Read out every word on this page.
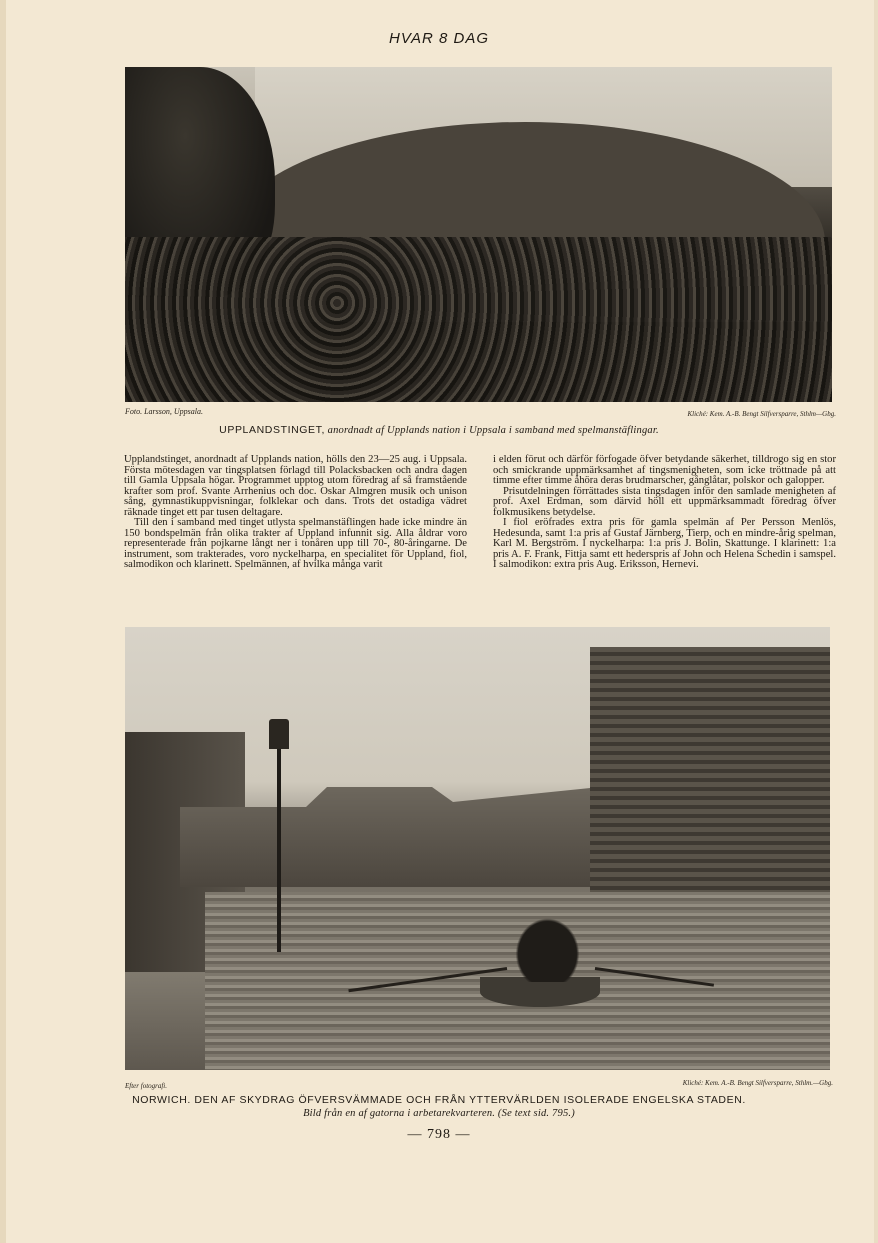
HVAR 8 DAG
Foto. Larsson, Uppsala.	Kliché: Kem. A.-B. Bengt Silfversparre, Sthlm—Gbg.
UPPLANDSTINGET, anordnadt af Upplands nation i Uppsala i samband med spelmanstäflingar.

Upplandstinget, anordnadt af Upplands nation, hölls den 23—25 aug. i Uppsala. Första mötesdagen var tingsplatsen förlagd till Polacksbacken och andra dagen till Gamla Uppsala högar. Programmet upptog utom föredrag af så framstående krafter som prof. Svante Arrhenius och doc. Oskar Almgren musik och unison sång, gymnastikuppvisningar, folklekar och dans. Trots det ostadiga vädret räknade tinget ett par tusen deltagare.

Till den i samband med tinget utlysta spelmanstäflingen hade icke mindre än 150 bondspelmän från olika trakter af Uppland infunnit sig. Alla åldrar voro representerade från pojkarne långt ner i tonåren upp till 70-, 80-åringarne. De instrument, som trakterades, voro nyckelharpa, en specialitet för Uppland, fiol, salmodikon och klarinett. Spelmännen, af hvilka många varit

i elden förut och därför förfogade öfver betydande säkerhet, tilldrogo sig en stor och smickrande uppmärksamhet af tingsmenigheten, som icke tröttnade på att timme efter timme åhöra deras brudmarscher, gånglåtar, polskor och galopper.

Prisutdelningen förrättades sista tingsdagen inför den samlade menigheten af prof. Axel Erdman, som därvid höll ett uppmärksammadt föredrag öfver folkmusikens betydelse.

I fiol eröfrades extra pris för gamla spelmän af Per Persson Menlös, Hedesunda, samt 1:a pris af Gustaf Järnberg, Tierp, och en mindre-årig spelman, Karl M. Bergström. I nyckelharpa: 1:a pris J. Bolin, Skattunge. I klarinett: 1:a pris A. F. Frank, Fittja samt ett hederspris af John och Helena Schedin i samspel. I salmodikon: extra pris Aug. Eriksson, Hernevi.

Efter fotografi.	Kliché: Kem. A.-B. Bengt Silfversparre, Sthlm.—Gbg.
NORWICH. DEN AF SKYDRAG ÖFVERSVÄMMADE OCH FRÅN YTTERVÄRLDEN ISOLERADE ENGELSKA STADEN.
Bild från en af gatorna i arbetarekvarteren. (Se text sid. 795.)
— 798 —
